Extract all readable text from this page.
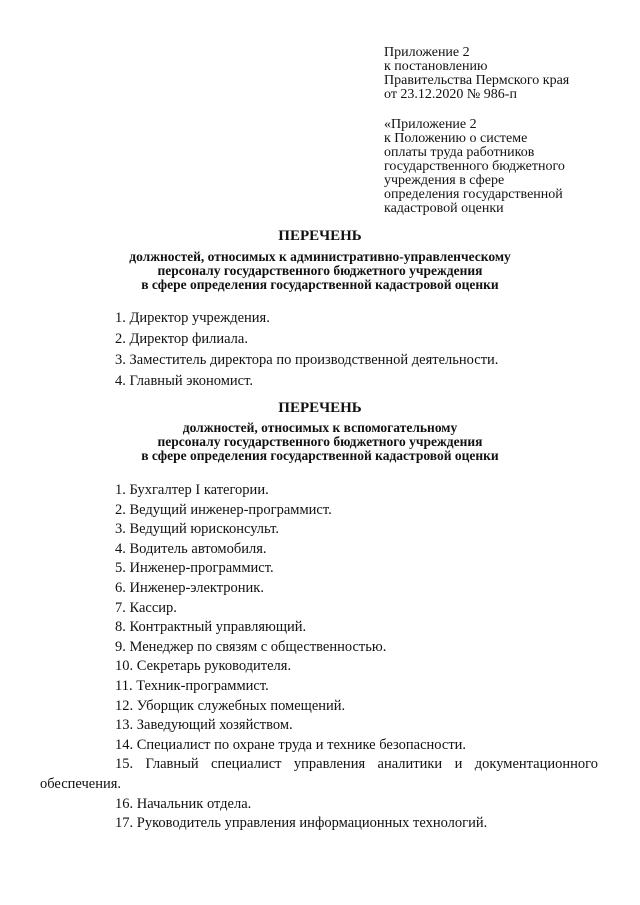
Приложение 2
к постановлению
Правительства Пермского края
от 23.12.2020 № 986-п
«Приложение 2
к Положению о системе
оплаты труда работников
государственного бюджетного
учреждения в сфере
определения государственной
кадастровой оценки
ПЕРЕЧЕНЬ
должностей, относимых к административно-управленческому
персоналу государственного бюджетного учреждения
в сфере определения государственной кадастровой оценки
1. Директор учреждения.
2. Директор филиала.
3. Заместитель директора по производственной деятельности.
4. Главный экономист.
ПЕРЕЧЕНЬ
должностей, относимых к вспомогательному
персоналу государственного бюджетного учреждения
в сфере определения государственной кадастровой оценки
1. Бухгалтер I категории.
2. Ведущий инженер-программист.
3. Ведущий юрисконсульт.
4. Водитель автомобиля.
5. Инженер-программист.
6. Инженер-электроник.
7. Кассир.
8. Контрактный управляющий.
9. Менеджер по связям с общественностью.
10. Секретарь руководителя.
11. Техник-программист.
12. Уборщик служебных помещений.
13. Заведующий хозяйством.
14. Специалист по охране труда и технике безопасности.
15. Главный специалист управления аналитики и документационного
обеспечения.
16. Начальник отдела.
17. Руководитель управления информационных технологий.
